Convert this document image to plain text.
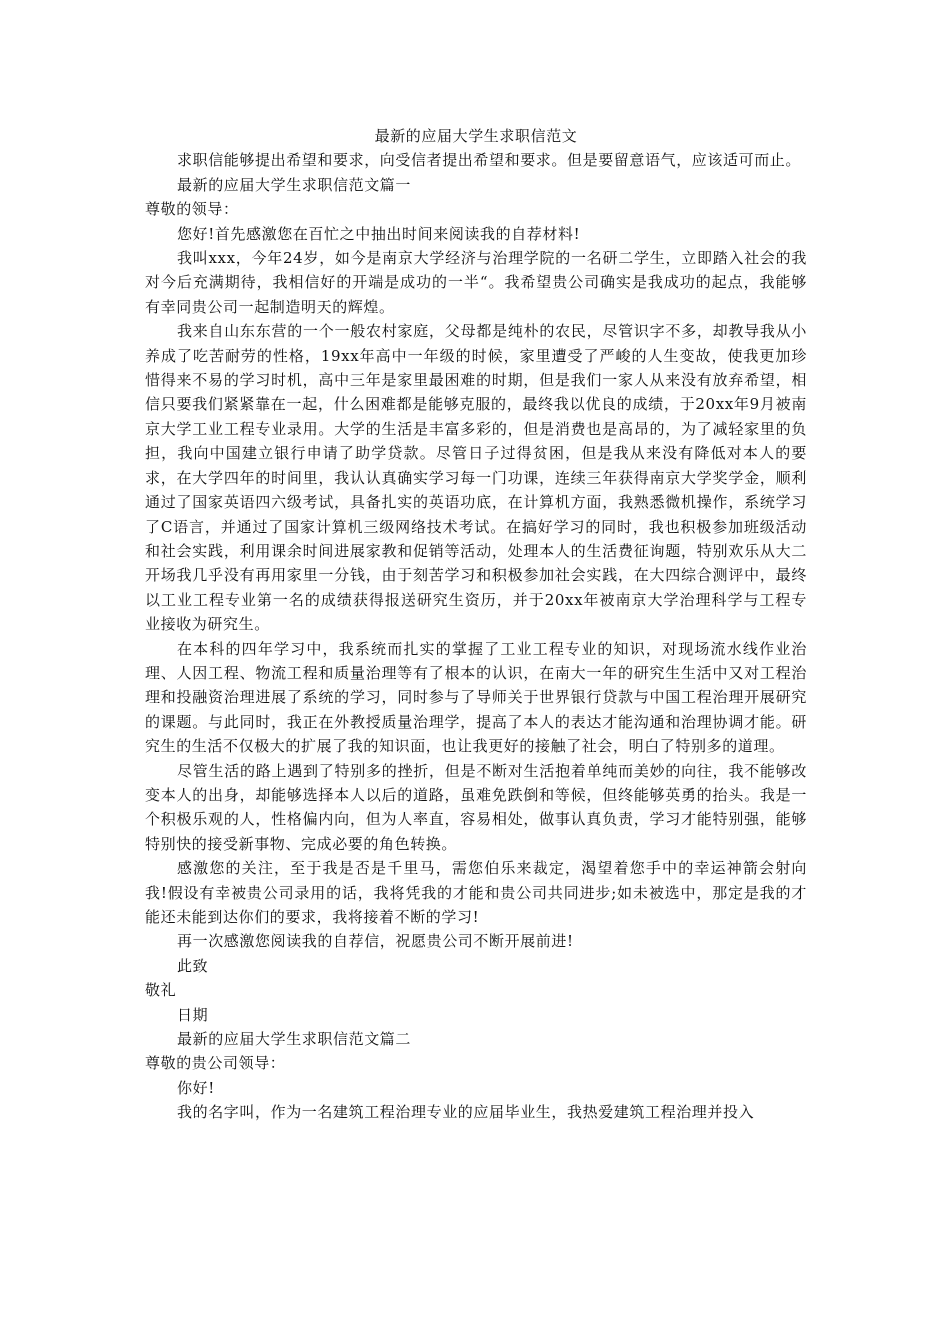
最新的应届大学生求职信范文

求职信能够提出希望和要求，向受信者提出希望和要求。但是要留意语气，应该适可而止。

最新的应届大学生求职信范文篇一

尊敬的领导：

您好!首先感激您在百忙之中抽出时间来阅读我的自荐材料!

我叫xxx，今年24岁，如今是南京大学经济与治理学院的一名研二学生，立即踏入社会的我对今后充满期待，我相信好的开端是成功的一半“。我希望贵公司确实是我成功的起点，我能够有幸同贵公司一起制造明天的辉煌。

我来自山东东营的一个一般农村家庭，父母都是纯朴的农民，尽管识字不多，却教导我从小养成了吃苦耐劳的性格，19xx年高中一年级的时候，家里遭受了严峻的人生变故，使我更加珍惜得来不易的学习时机，高中三年是家里最困难的时期，但是我们一家人从来没有放弃希望，相信只要我们紧紧靠在一起，什么困难都是能够克服的，最终我以优良的成绩，于20xx年9月被南京大学工业工程专业录用。大学的生活是丰富多彩的，但是消费也是高昂的，为了减轻家里的负担，我向中国建立银行申请了助学贷款。尽管日子过得贫困，但是我从来没有降低对本人的要求，在大学四年的时间里，我认认真确实学习每一门功课，连续三年获得南京大学奖学金，顺利通过了国家英语四六级考试，具备扎实的英语功底，在计算机方面，我熟悉微机操作，系统学习了C语言，并通过了国家计算机三级网络技术考试。在搞好学习的同时，我也积极参加班级活动和社会实践，利用课余时间进展家教和促销等活动，处理本人的生活费征询题，特别欢乐从大二开场我几乎没有再用家里一分钱，由于刻苦学习和积极参加社会实践，在大四综合测评中，最终以工业工程专业第一名的成绩获得报送研究生资历，并于20xx年被南京大学治理科学与工程专业接收为研究生。

在本科的四年学习中，我系统而扎实的掌握了工业工程专业的知识，对现场流水线作业治理、人因工程、物流工程和质量治理等有了根本的认识，在南大一年的研究生生活中又对工程治理和投融资治理进展了系统的学习，同时参与了导师关于世界银行贷款与中国工程治理开展研究的课题。与此同时，我正在外教授质量治理学，提高了本人的表达才能沟通和治理协调才能。研究生的生活不仅极大的扩展了我的知识面，也让我更好的接触了社会，明白了特别多的道理。

尽管生活的路上遇到了特别多的挫折，但是不断对生活抱着单纯而美妙的向往，我不能够改变本人的出身，却能够选择本人以后的道路，虽难免跌倒和等候，但终能够英勇的抬头。我是一个积极乐观的人，性格偏内向，但为人率直，容易相处，做事认真负责，学习才能特别强，能够特别快的接受新事物、完成必要的角色转换。

感激您的关注，至于我是否是千里马，需您伯乐来裁定，渴望着您手中的幸运神箭会射向我!假设有幸被贵公司录用的话，我将凭我的才能和贵公司共同进步;如未被选中，那定是我的才能还未能到达你们的要求，我将接着不断的学习!

再一次感激您阅读我的自荐信，祝愿贵公司不断开展前进!

此致

敬礼

日期

最新的应届大学生求职信范文篇二

尊敬的贵公司领导：

你好!

我的名字叫，作为一名建筑工程治理专业的应届毕业生，我热爱建筑工程治理并投入
